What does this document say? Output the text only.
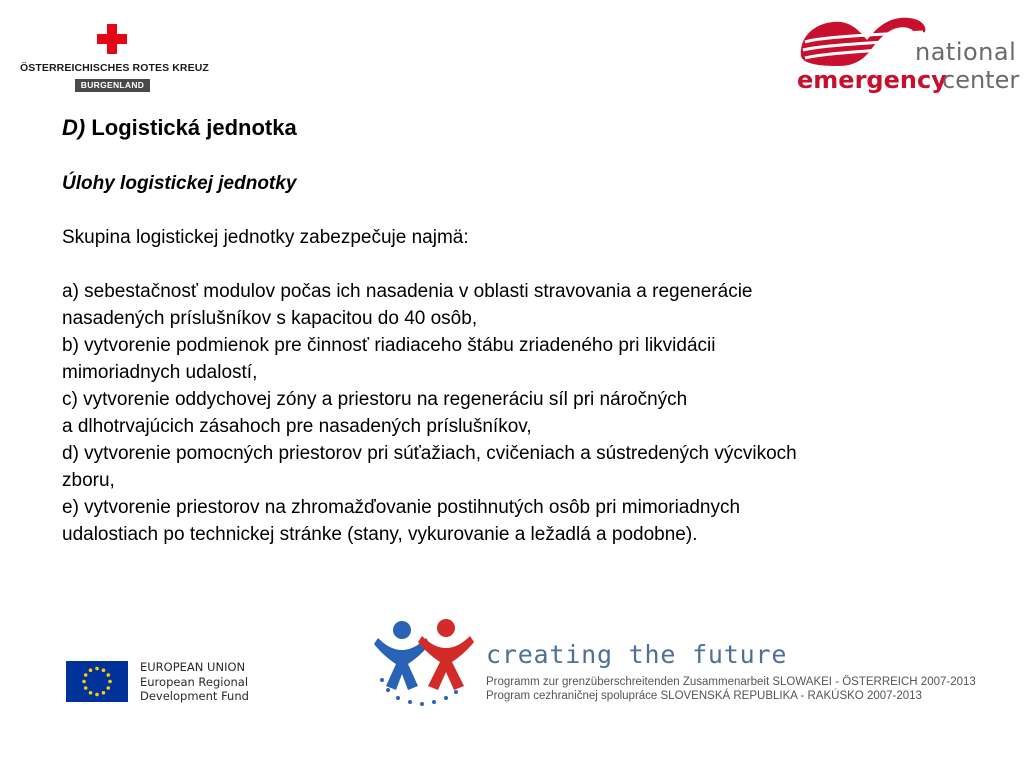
ÖSTERREICHISCHES ROTES KREUZ
BURGENLAND
national
emergency
center
D) Logistická jednotka
Úlohy logistickej jednotky

Skupina logistickej jednotky zabezpečuje najmä:

a) sebestačnosť modulov počas ich nasadenia v oblasti stravovania a regenerácie
nasadených príslušníkov s kapacitou do 40 osôb,
b) vytvorenie podmienok pre činnosť riadiaceho štábu zriadeného pri likvidácii
mimoriadnych udalostí,
c) vytvorenie oddychovej zóny a priestoru na regeneráciu síl pri náročných
a dlhotrvajúcich zásahoch pre nasadených príslušníkov,
d) vytvorenie pomocných priestorov pri súťažiach, cvičeniach a sústredených výcvikoch
zboru,
e) vytvorenie priestorov na zhromažďovanie postihnutých osôb pri mimoriadnych
udalostiach po technickej stránke (stany, vykurovanie a ležadlá a podobne).
EUROPEAN UNION
European Regional
Development Fund
creating the future
Programm zur grenzüberschreitenden Zusammenarbeit SLOWAKEI - ÖSTERREICH 2007-2013
Program cezhraničnej spolupráce SLOVENSKÁ REPUBLIKA - RAKÚSKO 2007-2013
